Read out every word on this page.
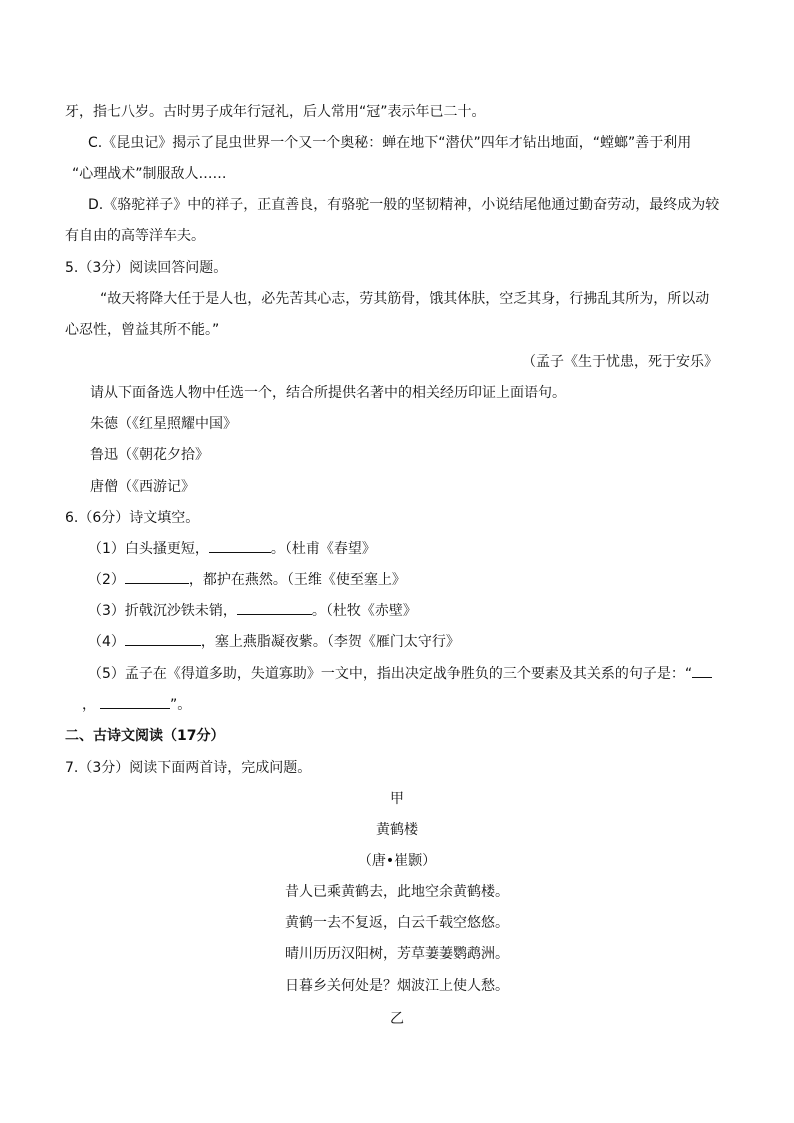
牙，指七八岁。古时男子成年行冠礼，后人常用“冠”表示年已二十。
C.《昆虫记》揭示了昆虫世界一个又一个奥秘：蝉在地下“潜伏”四年才钻出地面，“螳螂”善于利用
“心理战术”制服敌人……
D.《骆驼祥子》中的祥子，正直善良，有骆驼一般的坚韧精神，小说结尾他通过勤奋劳动，最终成为较
有自由的高等洋车夫。
5.（3分）阅读回答问题。
“故天将降大任于是人也，必先苦其心志，劳其筋骨，饿其体肤，空乏其身，行拂乱其所为，所以动
心忍性，曾益其所不能。”
（孟子《生于忧患，死于安乐》
请从下面备选人物中任选一个，结合所提供名著中的相关经历印证上面语句。
朱德（《红星照耀中国》
鲁迅（《朝花夕拾》
唐僧（《西游记》
6.（6分）诗文填空。
（1）白头搔更短，	。（杜甫《春望》
（2）	，都护在燕然。（王维《使至塞上》
（3）折戟沉沙铁未销，	。（杜牧《赤壁》
（4）	，塞上燕脂凝夜紫。（李贺《雁门太守行》
（5）孟子在《得道多助，失道寡助》一文中，指出决定战争胜负的三个要素及其关系的句子是：“
，	”。
二、古诗文阅读（17分）
7.（3分）阅读下面两首诗，完成问题。
甲
黄鹤楼
（唐•崔颢）
昔人已乘黄鹤去，此地空余黄鹤楼。
黄鹤一去不复返，白云千载空悠悠。
晴川历历汉阳树，芳草萋萋鹦鹉洲。
日暮乡关何处是？烟波江上使人愁。
乙
